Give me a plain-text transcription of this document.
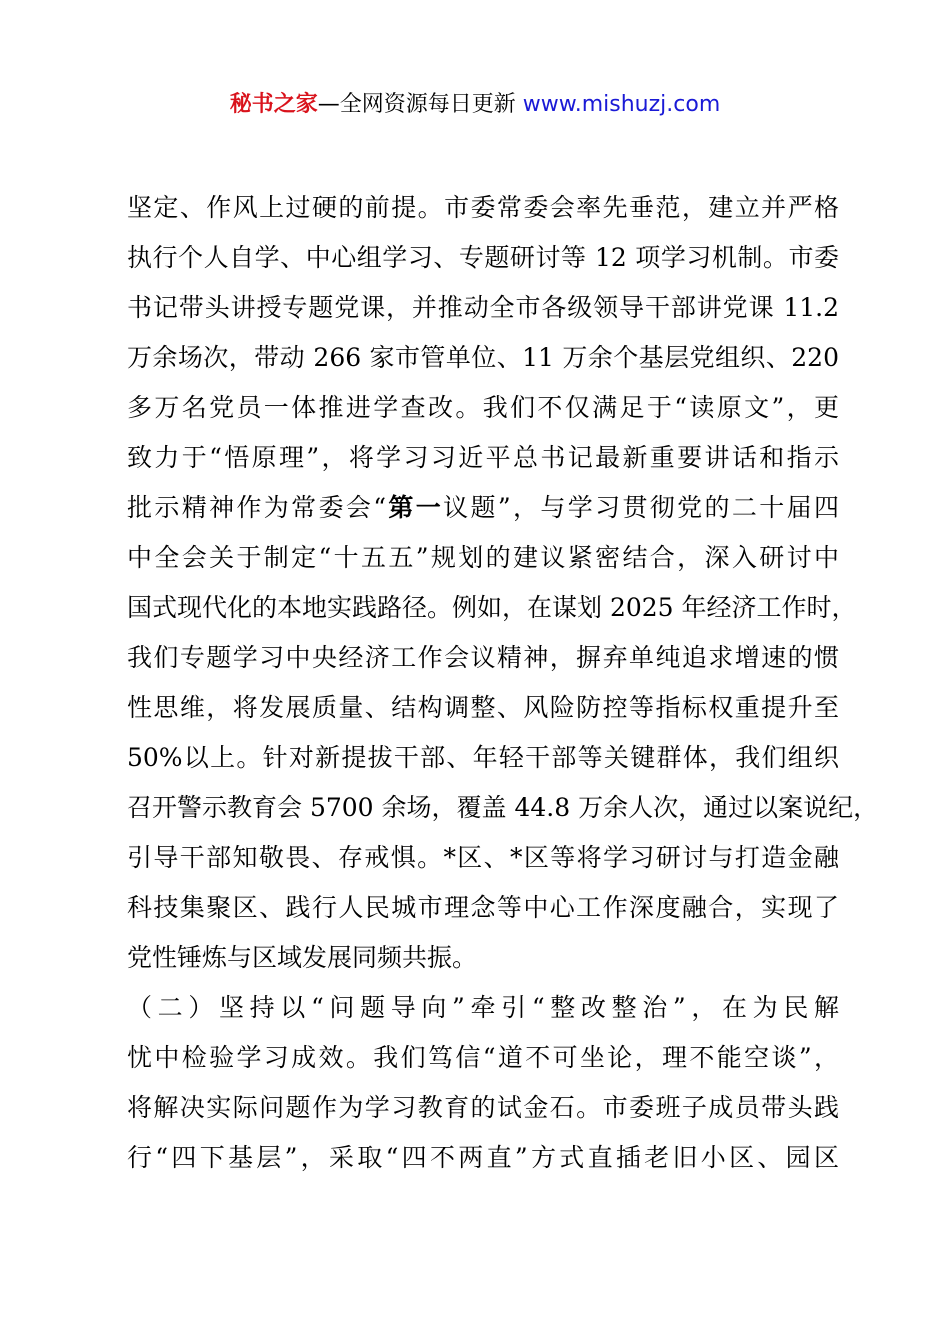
秘书之家—全网资源每日更新 www.mishuzj.com
坚定、作风上过硬的前提。市委常委会率先垂范，建立并严格
执行个人自学、中心组学习、专题研讨等 12 项学习机制。市委
书记带头讲授专题党课，并推动全市各级领导干部讲党课 11.2
万余场次，带动 266 家市管单位、11 万余个基层党组织、220
多万名党员一体推进学查改。我们不仅满足于“读原文”，更
致力于“悟原理”，将学习习近平总书记最新重要讲话和指示
批示精神作为常委会“第一议题”，与学习贯彻党的二十届四
中全会关于制定“十五五”规划的建议紧密结合，深入研讨中
国式现代化的本地实践路径。例如，在谋划 2025 年经济工作时，
我们专题学习中央经济工作会议精神，摒弃单纯追求增速的惯
性思维，将发展质量、结构调整、风险防控等指标权重提升至
50%以上。针对新提拔干部、年轻干部等关键群体，我们组织
召开警示教育会 5700 余场，覆盖 44.8 万余人次，通过以案说纪，
引导干部知敬畏、存戒惧。*区、*区等将学习研讨与打造金融
科技集聚区、践行人民城市理念等中心工作深度融合，实现了
党性锤炼与区域发展同频共振。
（二）坚持以“问题导向”牵引“整改整治”，在为民解
忧中检验学习成效。我们笃信“道不可坐论，理不能空谈”，
将解决实际问题作为学习教育的试金石。市委班子成员带头践
行“四下基层”，采取“四不两直”方式直插老旧小区、园区
